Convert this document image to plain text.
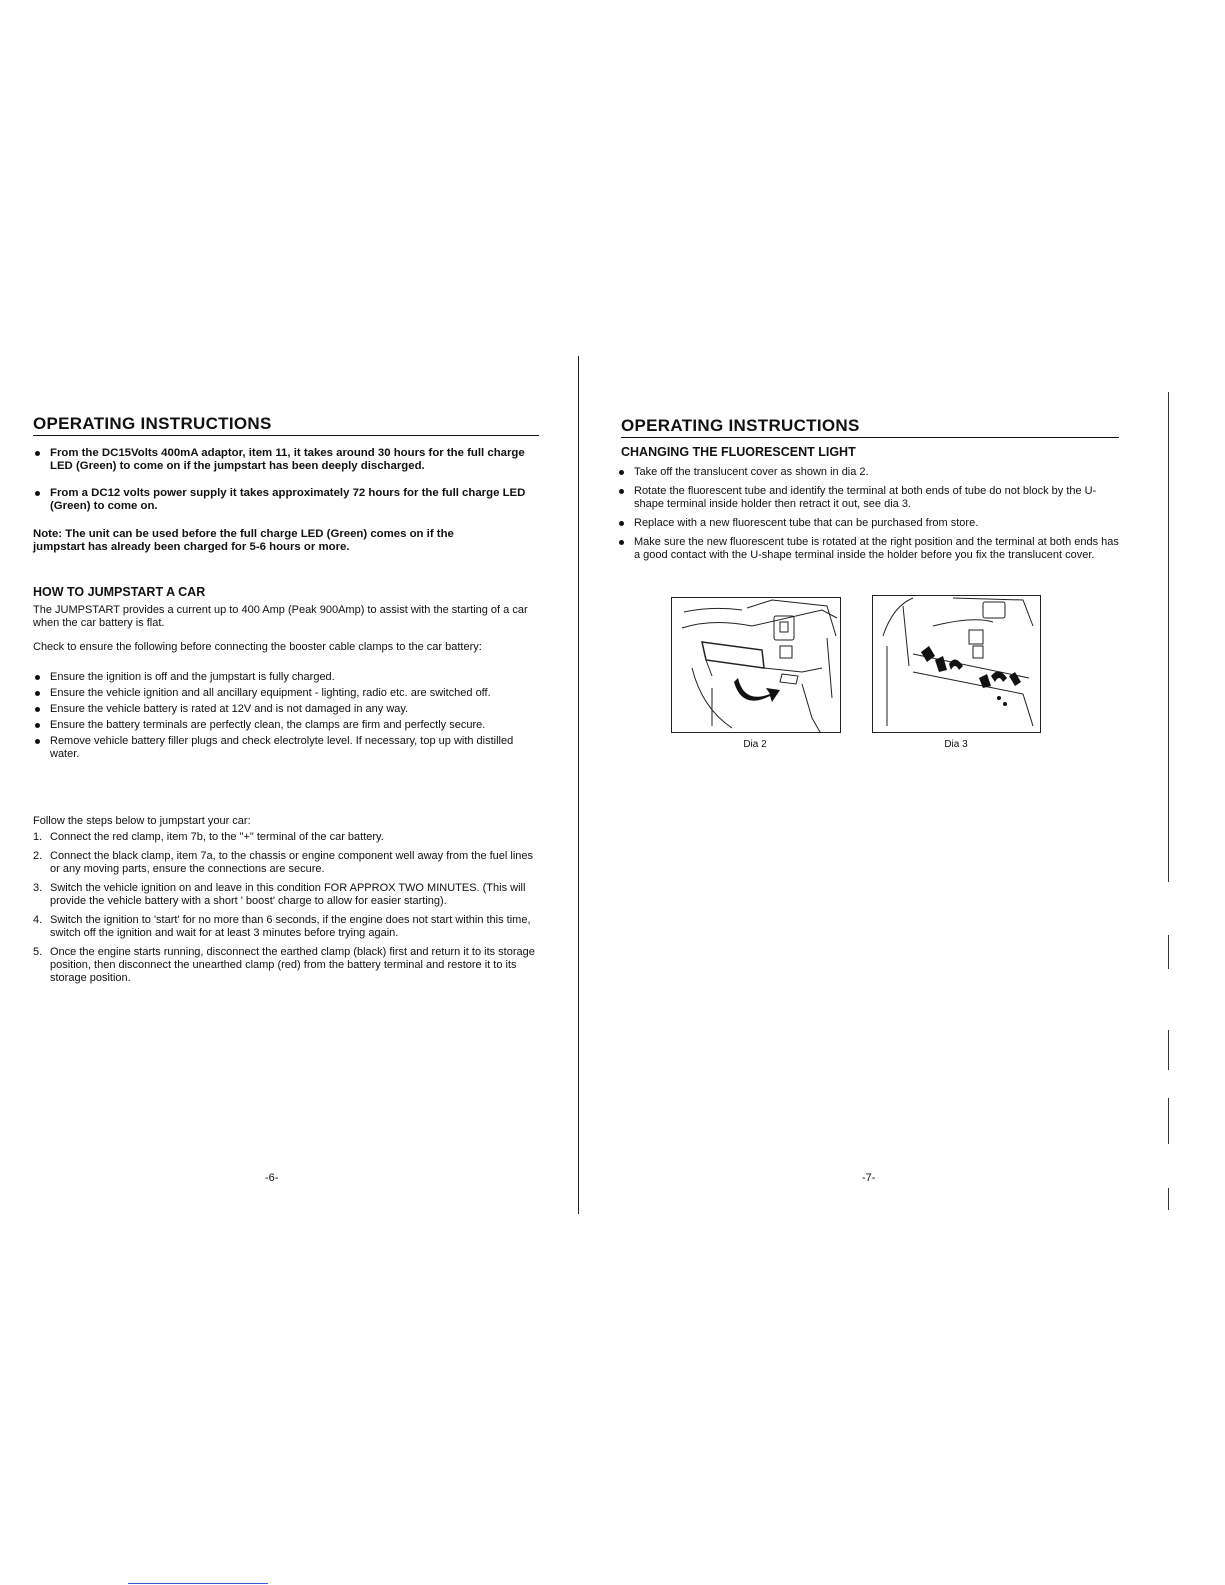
OPERATING INSTRUCTIONS
From the DC15Volts 400mA adaptor, item 11, it takes around 30 hours for the full charge LED (Green) to come on if the jumpstart has been deeply discharged.
From a DC12 volts power supply it takes approximately 72 hours for the full charge LED (Green) to come on.
Note: The unit can be used before the full charge LED (Green) comes on if the jumpstart has already been charged for 5-6 hours or more.
HOW TO JUMPSTART A CAR

The JUMPSTART provides a current up to 400 Amp (Peak 900Amp) to assist with the starting of a car when the car battery is flat.

Check to ensure the following before connecting the booster cable clamps to the car battery:

Ensure the ignition is off and the jumpstart is fully charged.
Ensure the vehicle ignition and all ancillary equipment - lighting, radio etc. are switched off.
Ensure the vehicle battery is rated at 12V and is not damaged in any way.
Ensure the battery terminals are perfectly clean, the clamps are firm and perfectly secure.
Remove vehicle battery filler plugs and check electrolyte level. If necessary, top up with distilled water.

Follow the steps below to jumpstart your car:

1. Connect the red clamp, item 7b, to the "+" terminal of the car battery.
2. Connect the black clamp, item 7a, to the chassis or engine component well away from the fuel lines or any moving parts, ensure the connections are secure.
3. Switch the vehicle ignition on and leave in this condition FOR APPROX TWO MINUTES. (This will provide the vehicle battery with a short ' boost' charge to allow for easier starting).
4. Switch the ignition to 'start' for no more than 6 seconds, if the engine does not start within this time, switch off the ignition and wait for at least 3 minutes before trying again.
5. Once the engine starts running, disconnect the earthed clamp (black) first and return it to its storage position, then disconnect the unearthed clamp (red) from the battery terminal and restore it to its storage position.
-6-
OPERATING INSTRUCTIONS
CHANGING THE FLUORESCENT LIGHT
Take off the translucent cover as shown in dia 2.
Rotate the fluorescent tube and identify the terminal at both ends of tube do not block by the U-shape terminal inside holder then retract it out, see dia 3.
Replace with a new fluorescent tube that can be purchased from store.
Make sure the new fluorescent tube is rotated at the right position and the terminal at both ends has a good contact with the U-shape terminal inside the holder before you fix the translucent cover.
Dia 2	Dia 3
-7-
